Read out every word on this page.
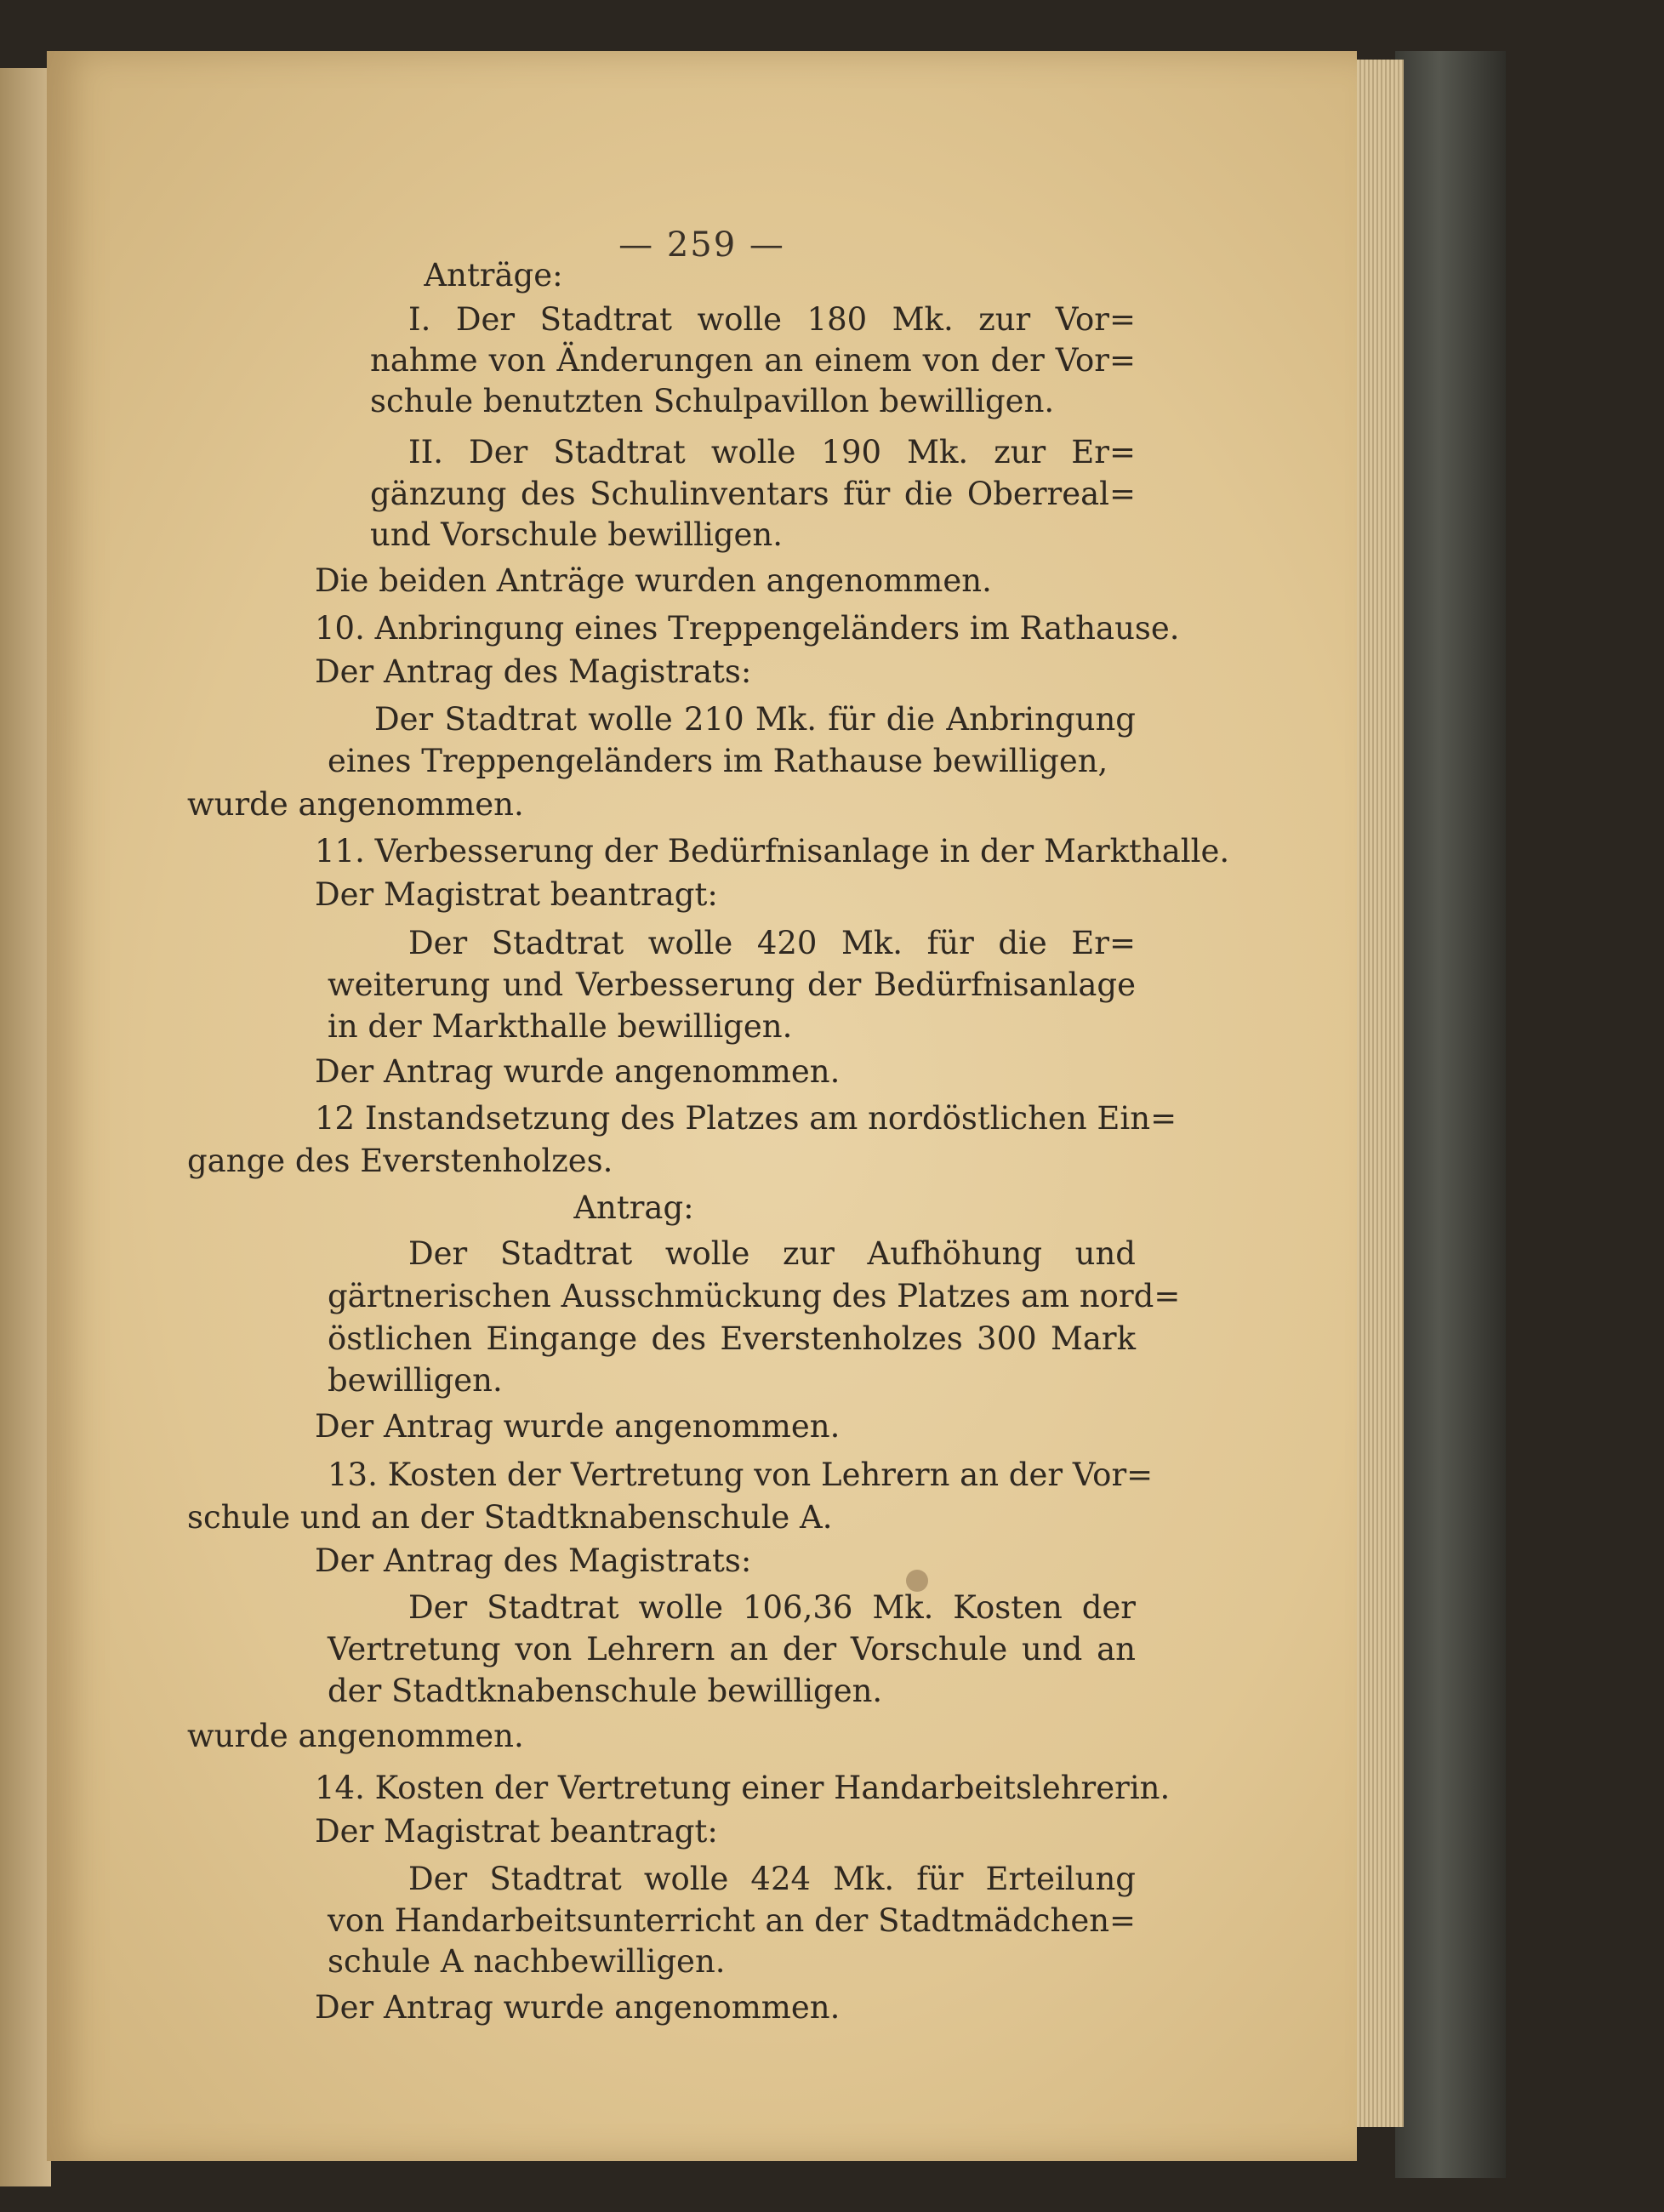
— 259 —

Anträge:

I. Der Stadtrat wolle 180 Mk. zur Vor=

nahme von Änderungen an einem von der Vor=

schule benutzten Schulpavillon bewilligen.

II. Der Stadtrat wolle 190 Mk. zur Er=

gänzung des Schulinventars für die Oberreal=

und Vorschule bewilligen.

Die beiden Anträge wurden angenommen.

10. Anbringung eines Treppengeländers im Rathause.

Der Antrag des Magistrats:

Der Stadtrat wolle 210 Mk. für die Anbringung

eines Treppengeländers im Rathause bewilligen,

wurde angenommen.

11. Verbesserung der Bedürfnisanlage in der Markthalle.

Der Magistrat beantragt:

Der Stadtrat wolle 420 Mk. für die Er=

weiterung und Verbesserung der Bedürfnisanlage

in der Markthalle bewilligen.

Der Antrag wurde angenommen.

12 Instandsetzung des Platzes am nordöstlichen Ein=

gange des Everstenholzes.

Antrag:

Der Stadtrat wolle zur Aufhöhung und

gärtnerischen Ausschmückung des Platzes am nord=

östlichen Eingange des Everstenholzes 300 Mark

bewilligen.

Der Antrag wurde angenommen.

13. Kosten der Vertretung von Lehrern an der Vor=

schule und an der Stadtknabenschule A.

Der Antrag des Magistrats:

Der Stadtrat wolle 106,36 Mk. Kosten der

Vertretung von Lehrern an der Vorschule und an

der Stadtknabenschule bewilligen.

wurde angenommen.

14. Kosten der Vertretung einer Handarbeitslehrerin.

Der Magistrat beantragt:

Der Stadtrat wolle 424 Mk. für Erteilung

von Handarbeitsunterricht an der Stadtmädchen=

schule A nachbewilligen.

Der Antrag wurde angenommen.
